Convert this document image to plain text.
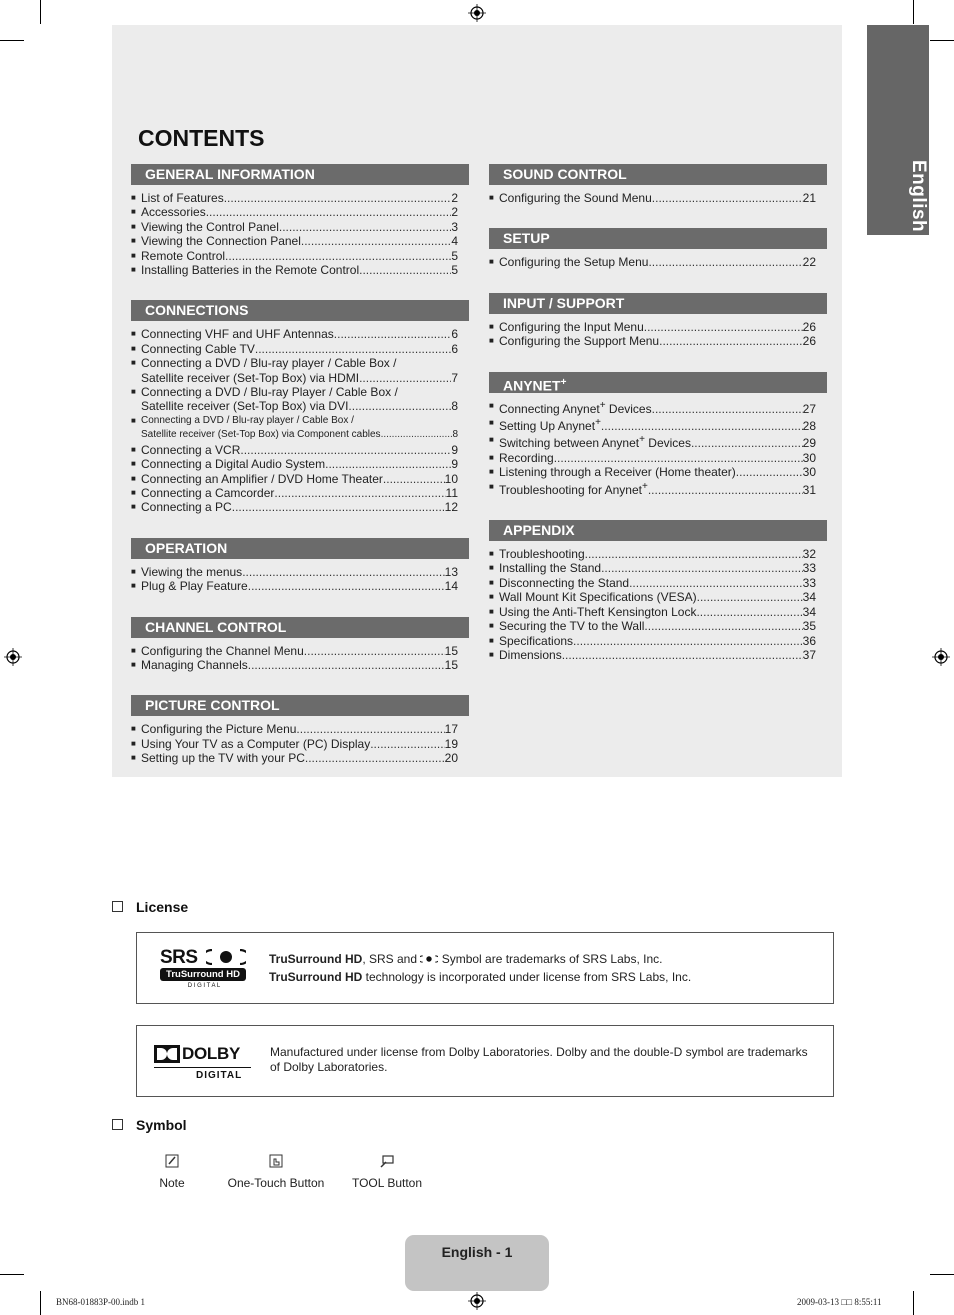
English
CONTENTS
GENERAL INFORMATION
■ List of Features .....	2
■ Accessories .....	2
■ Viewing the Control Panel .....	3
■ Viewing the Connection Panel .....	4
■ Remote Control .....	5
■ Installing Batteries in the Remote Control .....	5
CONNECTIONS
■ Connecting VHF and UHF Antennas .....	6
■ Connecting Cable TV .....	6
■ Connecting a DVD / Blu-ray player / Cable Box /
Satellite receiver (Set-Top Box) via HDMI .....	7
■ Connecting a DVD / Blu-ray Player / Cable Box /
Satellite receiver (Set-Top Box) via DVI .....	8
■ Connecting a DVD / Blu-ray player / Cable Box /
Satellite receiver (Set-Top Box) via Component cables .....	8
■ Connecting a VCR .....	9
■ Connecting a Digital Audio System .....	9
■ Connecting an Amplifier / DVD Home Theater .....	10
■ Connecting a Camcorder .....	11
■ Connecting a PC .....	12
OPERATION
■ Viewing the menus .....	13
■ Plug & Play Feature .....	14
CHANNEL CONTROL
■ Configuring the Channel Menu .....	15
■ Managing Channels .....	15
PICTURE CONTROL
■ Configuring the Picture Menu .....	17
■ Using Your TV as a Computer (PC) Display .....	19
■ Setting up the TV with your PC .....	20
SOUND CONTROL
■ Configuring the Sound Menu .....	21
SETUP
■ Configuring the Setup Menu .....	22
INPUT / SUPPORT
■ Configuring the Input Menu .....	26
■ Configuring the Support Menu .....	26
ANYNET+
■ Connecting Anynet+ Devices .....	27
■ Setting Up Anynet+ .....	28
■ Switching between Anynet+ Devices .....	29
■ Recording .....	30
■ Listening through a Receiver (Home theater) .....	30
■ Troubleshooting for Anynet+ .....	31
APPENDIX
■ Troubleshooting .....	32
■ Installing the Stand .....	33
■ Disconnecting the Stand .....	33
■ Wall Mount Kit Specifications (VESA) .....	34
■ Using the Anti-Theft Kensington Lock .....	34
■ Securing the TV to the Wall .....	35
■ Specifications .....	36
■ Dimensions .....	37
License
SRS
TruSurround HD
D I G I T A L
TruSurround HD, SRS and  Symbol are trademarks of SRS Labs, Inc.
TruSurround HD technology is incorporated under license from SRS Labs, Inc.
DOLBY
DIGITAL
Manufactured under license from Dolby Laboratories. Dolby and the double-D symbol are trademarks of Dolby Laboratories.
Symbol
Note	One-Touch Button	TOOL Button
English - 1
BN68-01883P-00.indb 1	2009-03-13 □□ 8:55:11
